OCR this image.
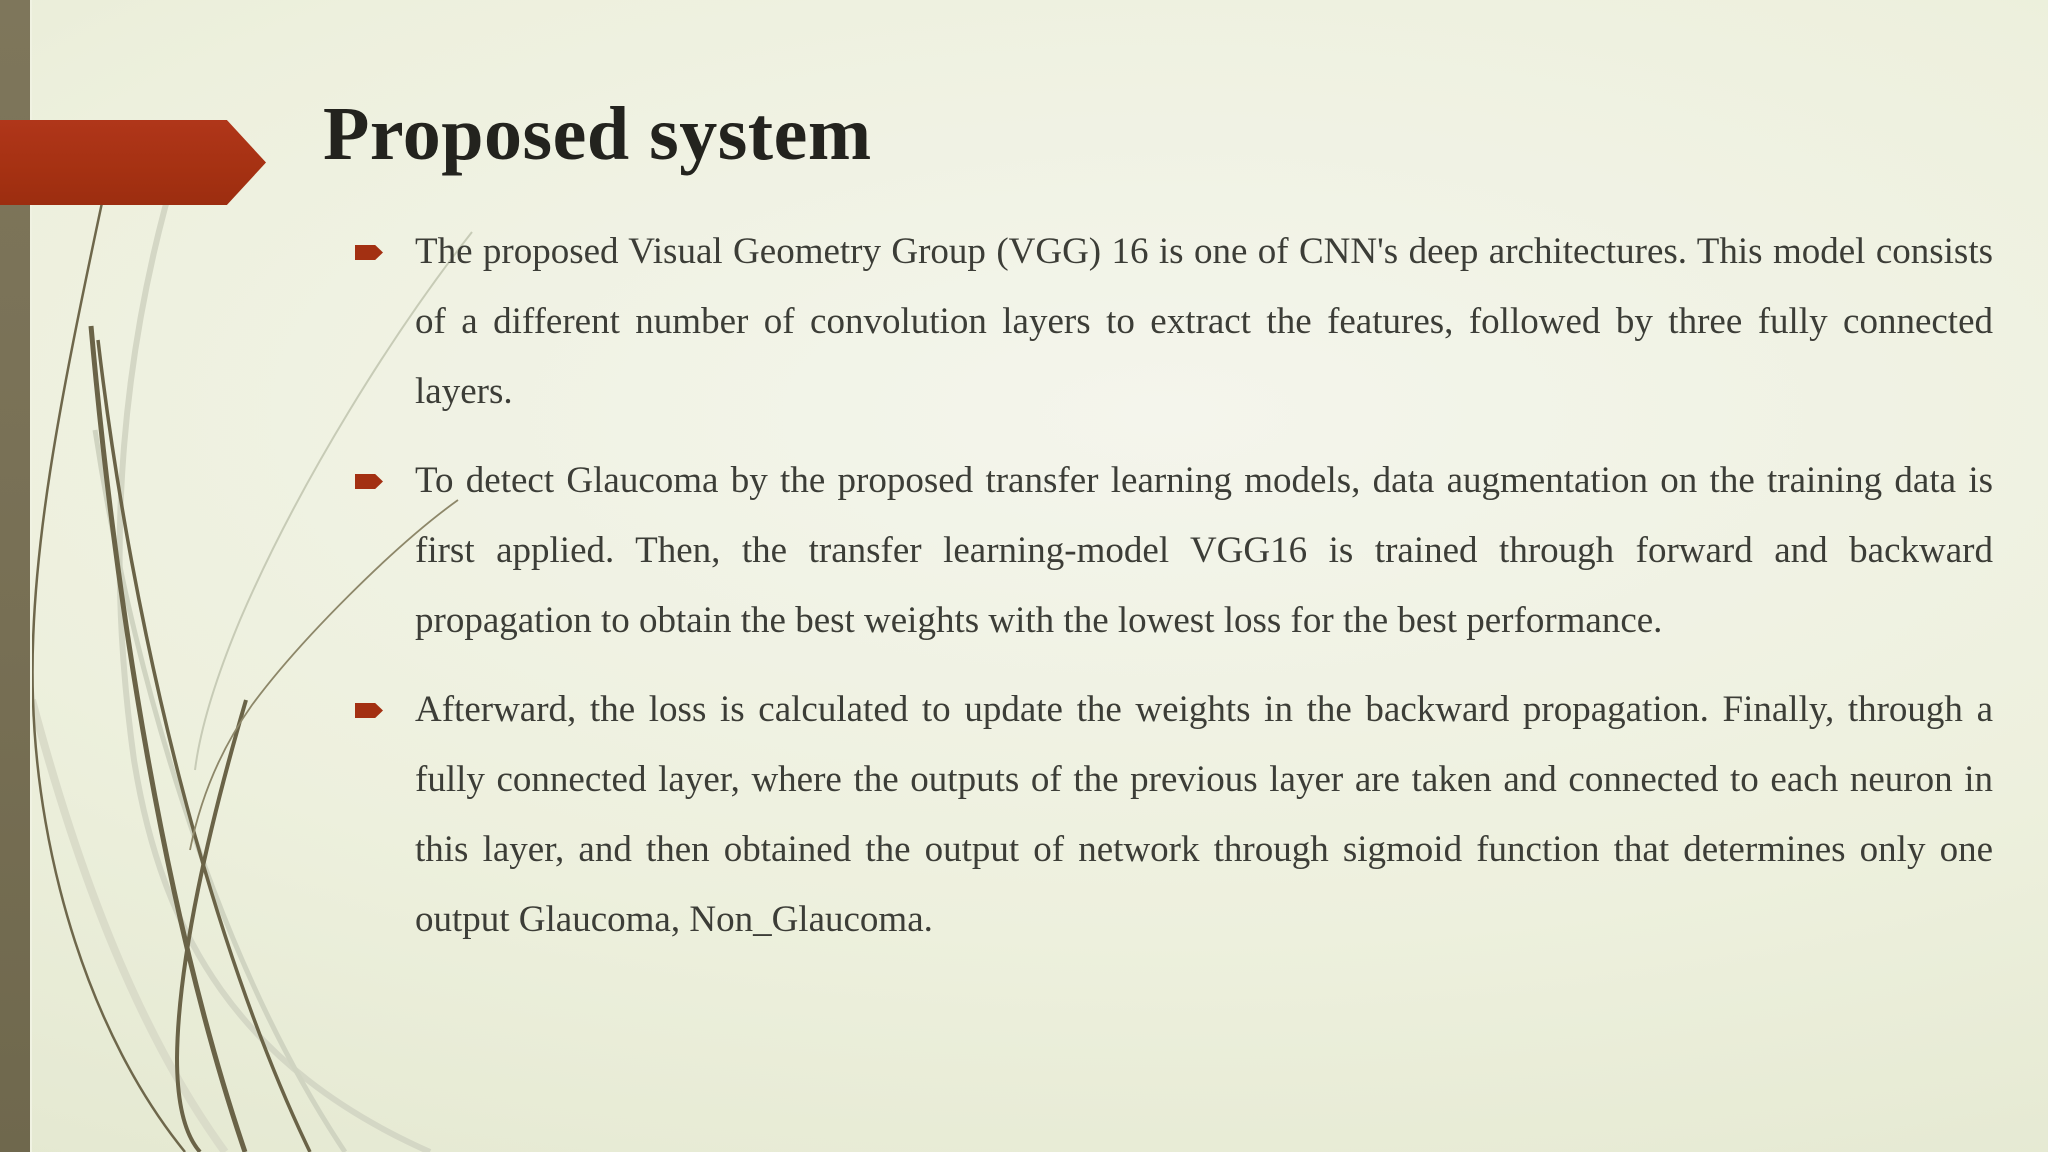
Proposed system

The proposed Visual Geometry Group (VGG) 16 is one of CNN's deep architectures. This model consists of a different number of convolution layers to extract the features, followed by three fully connected layers.

To detect Glaucoma by the proposed transfer learning models, data augmentation on the training data is first applied. Then, the transfer learning-model VGG16 is trained through forward and backward propagation to obtain the best weights with the lowest loss for the best performance.

Afterward, the loss is calculated to update the weights in the backward propagation. Finally, through a fully connected layer, where the outputs of the previous layer are taken and connected to each neuron in this layer, and then obtained the output of network through sigmoid function that determines only one output Glaucoma, Non_Glaucoma.
